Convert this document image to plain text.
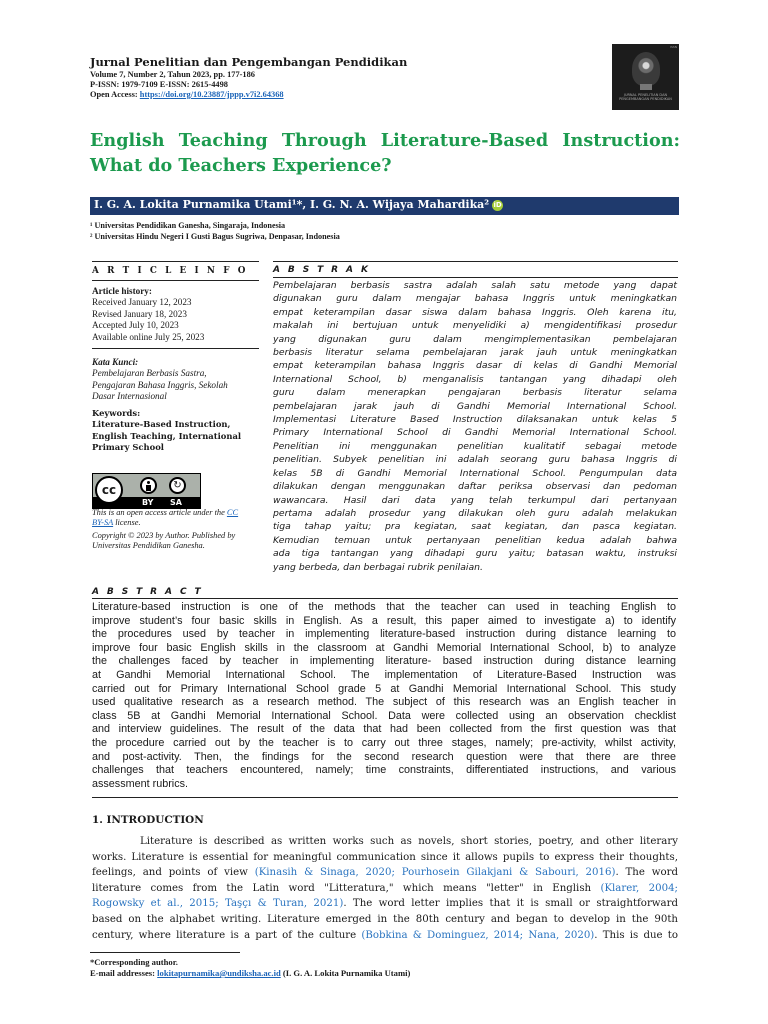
Jurnal Penelitian dan Pengembangan Pendidikan
Volume 7, Number 2, Tahun 2023, pp. 177-186
P-ISSN: 1979-7109 E-ISSN: 2615-4498
Open Access: https://doi.org/10.23887/jppp.v7i2.64368
ISSN
JURNAL PENELITIAN DAN PENGEMBANGAN PENDIDIKAN
English Teaching Through Literature-Based Instruction:
What do Teachers Experience?
I. G. A. Lokita Purnamika Utami¹*, I. G. N. A. Wijaya Mahardika² iD
¹ Universitas Pendidikan Ganesha, Singaraja, Indonesia
² Universitas Hindu Negeri I Gusti Bagus Sugriwa, Denpasar, Indonesia
A R T I C L E I N F O
Article history:
Received January 12, 2023
Revised January 18, 2023
Accepted July 10, 2023
Available online July 25, 2023
Kata Kunci:
Pembelajaran Berbasis Sastra,
Pengajaran Bahasa Inggris, Sekolah
Dasar Internasional
Keywords:
Literature-Based Instruction,
English Teaching, International
Primary School
cc	↻
BY SA
This is an open access article under the CC
BY-SA license.
Copyright © 2023 by Author. Published by
Universitas Pendidikan Ganesha.
A B S T R A K
Pembelajaran berbasis sastra adalah salah satu metode yang dapat
digunakan guru dalam mengajar bahasa Inggris untuk meningkatkan
empat keterampilan dasar siswa dalam bahasa Inggris. Oleh karena itu,
makalah ini bertujuan untuk menyelidiki a) mengidentifikasi prosedur
yang digunakan guru dalam mengimplementasikan pembelajaran
berbasis literatur selama pembelajaran jarak jauh untuk meningkatkan
empat keterampilan bahasa Inggris dasar di kelas di Gandhi Memorial
International School, b) menganalisis tantangan yang dihadapi oleh
guru dalam menerapkan pengajaran berbasis literatur selama
pembelajaran jarak jauh di Gandhi Memorial International School.
Implementasi Literature Based Instruction dilaksanakan untuk kelas 5
Primary International School di Gandhi Memorial International School.
Penelitian ini menggunakan penelitian kualitatif sebagai metode
penelitian. Subyek penelitian ini adalah seorang guru bahasa Inggris di
kelas 5B di Gandhi Memorial International School. Pengumpulan data
dilakukan dengan menggunakan daftar periksa observasi dan pedoman
wawancara. Hasil dari data yang telah terkumpul dari pertanyaan
pertama adalah prosedur yang dilakukan oleh guru adalah melakukan
tiga tahap yaitu; pra kegiatan, saat kegiatan, dan pasca kegiatan.
Kemudian temuan untuk pertanyaan penelitian kedua adalah bahwa
ada tiga tantangan yang dihadapi guru yaitu; batasan waktu, instruksi
yang berbeda, dan berbagai rubrik penilaian.
A B S T R A C T
Literature-based instruction is one of the methods that the teacher can used in teaching English to
improve student’s four basic skills in English. As a result, this paper aimed to investigate a) to identify
the procedures used by teacher in implementing literature-based instruction during distance learning to
improve four basic English skills in the classroom at Gandhi Memorial International School, b) to analyze
the challenges faced by teacher in implementing literature- based instruction during distance learning
at Gandhi Memorial International School. The implementation of Literature-Based Instruction was
carried out for Primary International School grade 5 at Gandhi Memorial International School. This study
used qualitative research as a research method. The subject of this research was an English teacher in
class 5B at Gandhi Memorial International School. Data were collected using an observation checklist
and interview guidelines. The result of the data that had been collected from the first question was that
the procedure carried out by the teacher is to carry out three stages, namely; pre-activity, whilst activity,
and post-activity. Then, the findings for the second research question were that there are three
challenges that teachers encountered, namely; time constraints, differentiated instructions, and various
assessment rubrics.
1. INTRODUCTION
Literature is described as written works such as novels, short stories, poetry, and other literary
works. Literature is essential for meaningful communication since it allows pupils to express their thoughts,
feelings, and points of view (Kinasih & Sinaga, 2020; Pourhosein Gilakjani & Sabouri, 2016). The word
literature comes from the Latin word "Litteratura," which means "letter" in English (Klarer, 2004;
Rogowsky et al., 2015; Taşçı & Turan, 2021). The word letter implies that it is small or straightforward
based on the alphabet writing. Literature emerged in the 80th century and began to develop in the 90th
century, where literature is a part of the culture (Bobkina & Dominguez, 2014; Nana, 2020). This is due to
*Corresponding author.
E-mail addresses: lokitapurnamika@undiksha.ac.id (I. G. A. Lokita Purnamika Utami)
